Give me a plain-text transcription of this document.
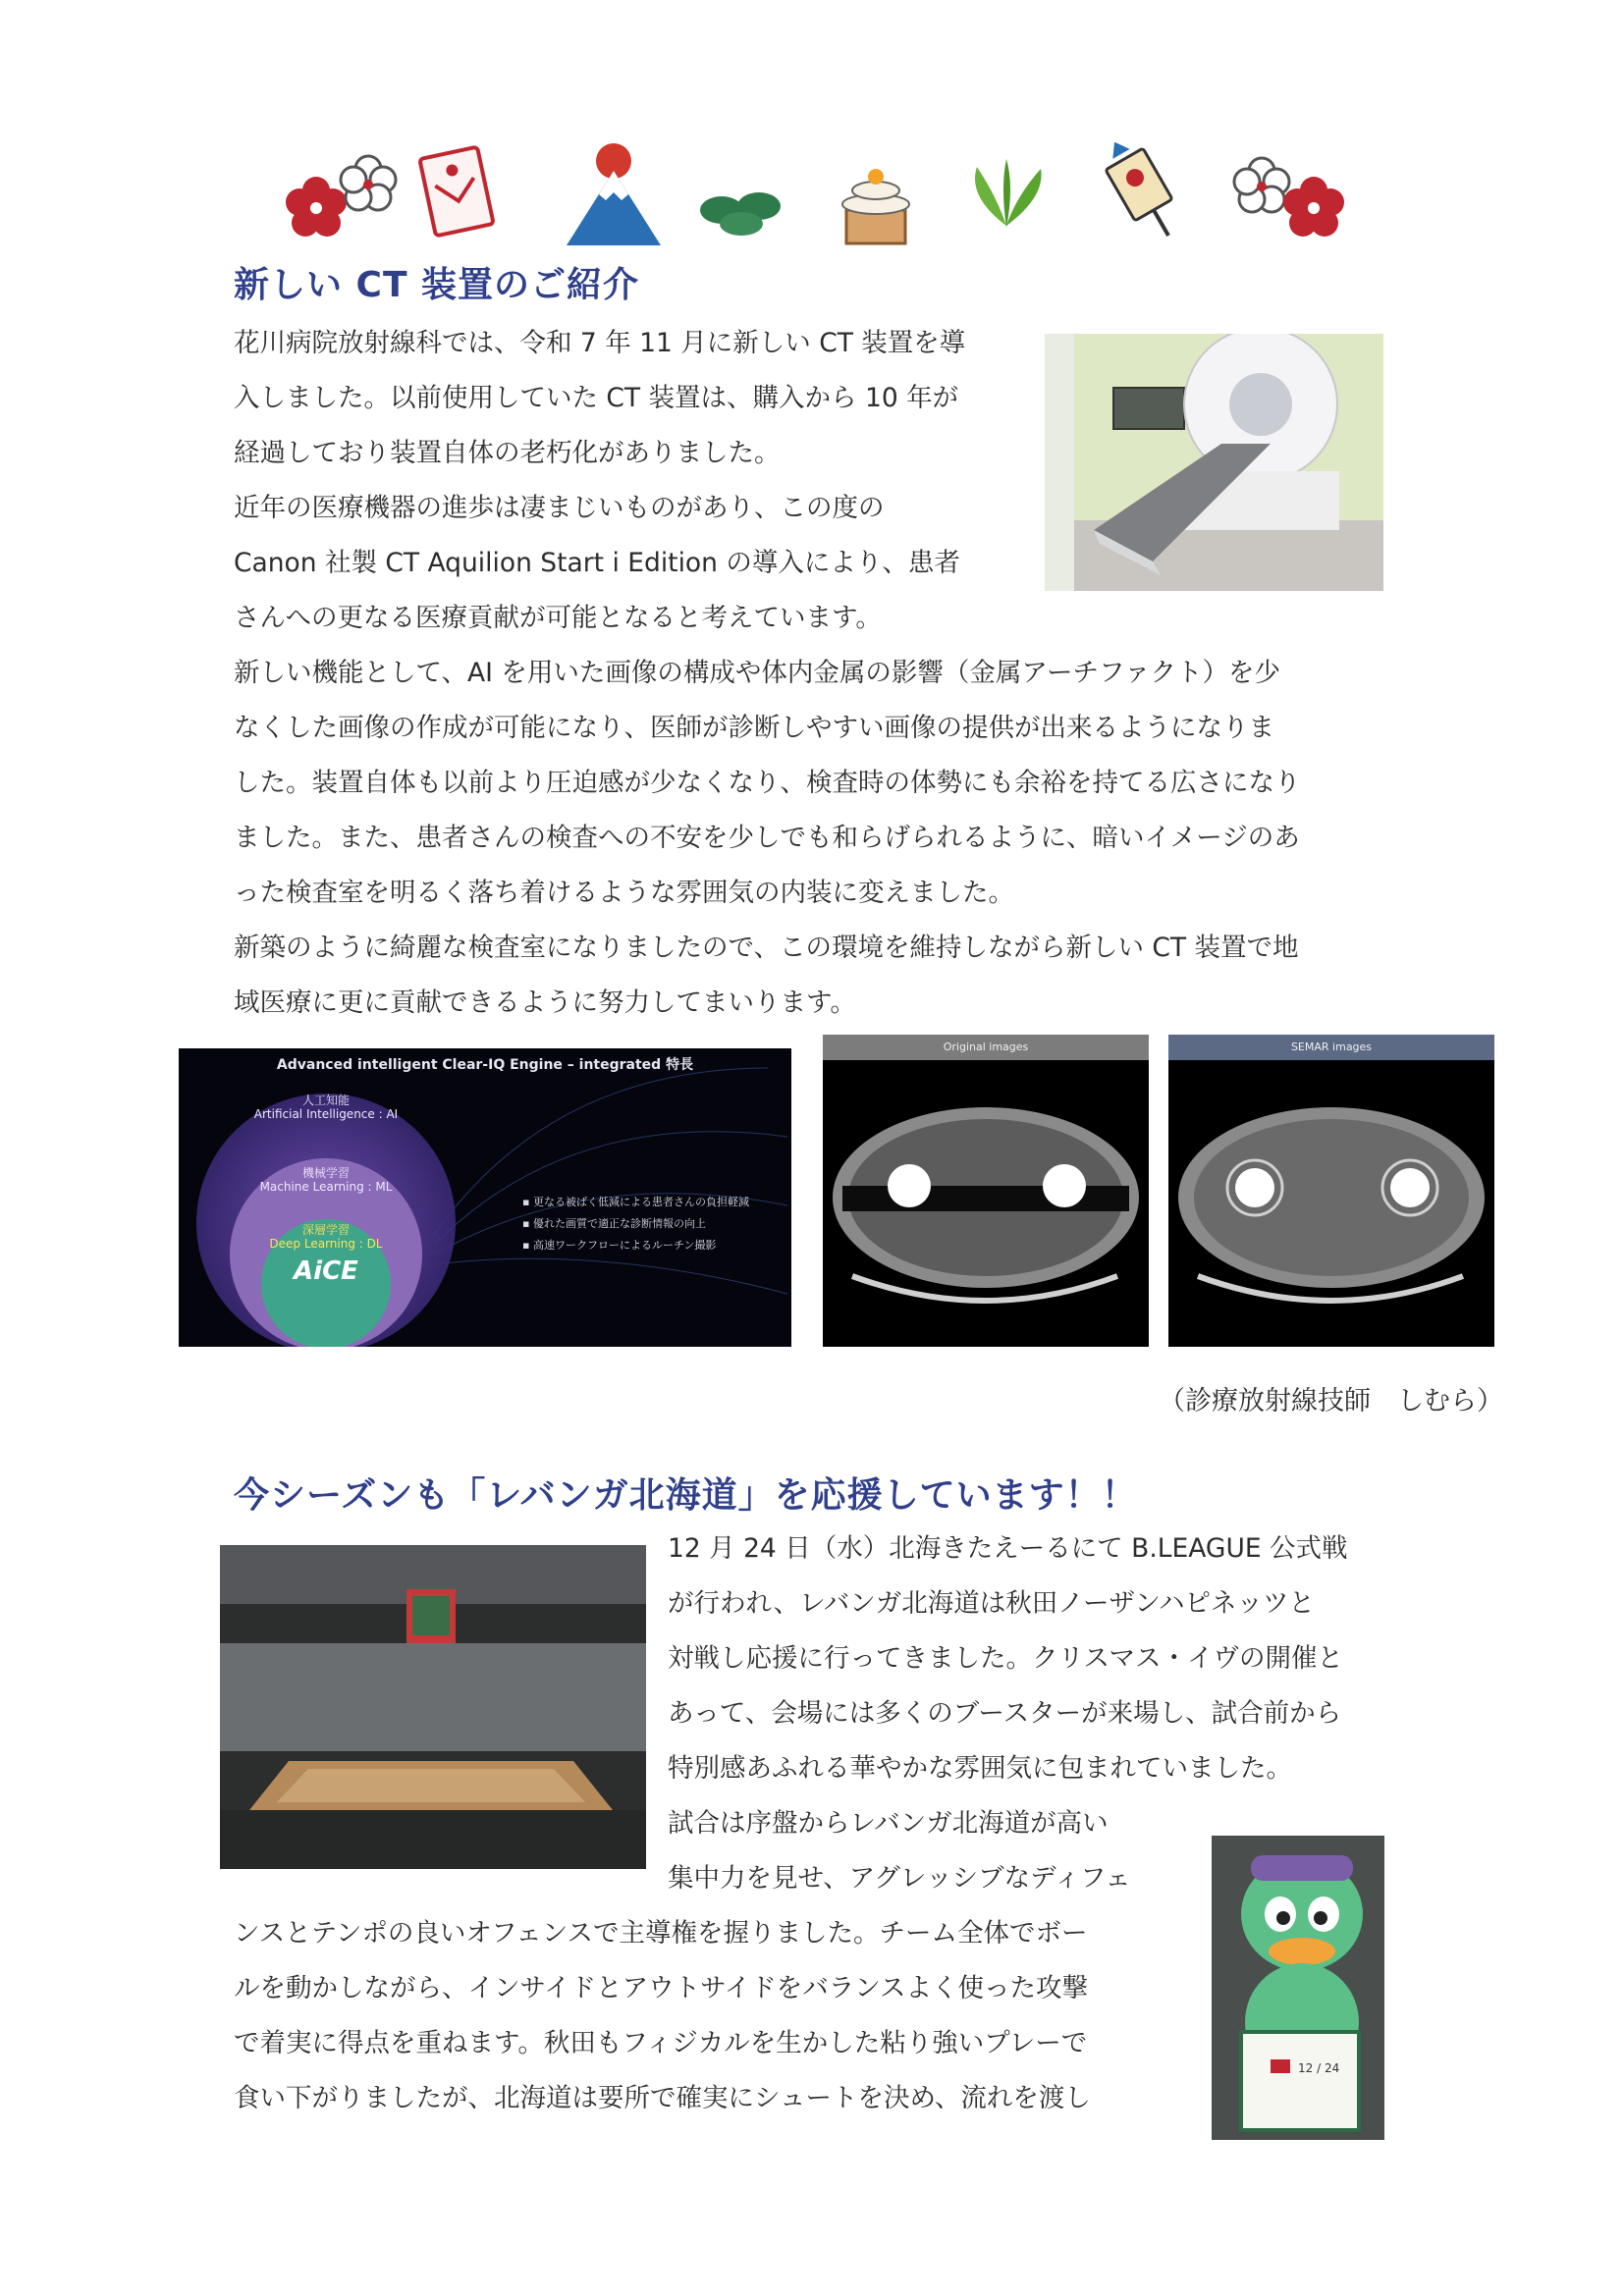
新しい CT 装置のご紹介
花川病院放射線科では、令和 7 年 11 月に新しい CT 装置を導
入しました。以前使用していた CT 装置は、購入から 10 年が
経過しており装置自体の老朽化がありました。
近年の医療機器の進歩は凄まじいものがあり、この度の
Canon 社製 CT Aquilion Start i Edition の導入により、患者
さんへの更なる医療貢献が可能となると考えています。
新しい機能として、AI を用いた画像の構成や体内金属の影響（金属アーチファクト）を少
なくした画像の作成が可能になり、医師が診断しやすい画像の提供が出来るようになりま
した。装置自体も以前より圧迫感が少なくなり、検査時の体勢にも余裕を持てる広さになり
ました。また、患者さんの検査への不安を少しでも和らげられるように、暗いイメージのあ
った検査室を明るく落ち着けるような雰囲気の内装に変えました。
新築のように綺麗な検査室になりましたので、この環境を維持しながら新しい CT 装置で地
域医療に更に貢献できるように努力してまいります。
Advanced intelligent Clear-IQ Engine – integrated 特長
人工知能
Artificial Intelligence : AI
機械学習
Machine Learning : ML
深層学習
Deep Learning : DL
AiCE
▪ 更なる被ばく低減による患者さんの負担軽減
▪ 優れた画質で適正な診断情報の向上
▪ 高速ワークフローによるルーチン撮影
Original images	SEMAR images
（診療放射線技師　しむら）
今シーズンも「レバンガ北海道」を応援しています！！
12 月 24 日（水）北海きたえーるにて B.LEAGUE 公式戦
が行われ、レバンガ北海道は秋田ノーザンハピネッツと
対戦し応援に行ってきました。クリスマス・イヴの開催と
あって、会場には多くのブースターが来場し、試合前から
特別感あふれる華やかな雰囲気に包まれていました。
試合は序盤からレバンガ北海道が高い
集中力を見せ、アグレッシブなディフェ
ンスとテンポの良いオフェンスで主導権を握りました。チーム全体でボー
ルを動かしながら、インサイドとアウトサイドをバランスよく使った攻撃
で着実に得点を重ねます。秋田もフィジカルを生かした粘り強いプレーで
食い下がりましたが、北海道は要所で確実にシュートを決め、流れを渡し
12 / 24
